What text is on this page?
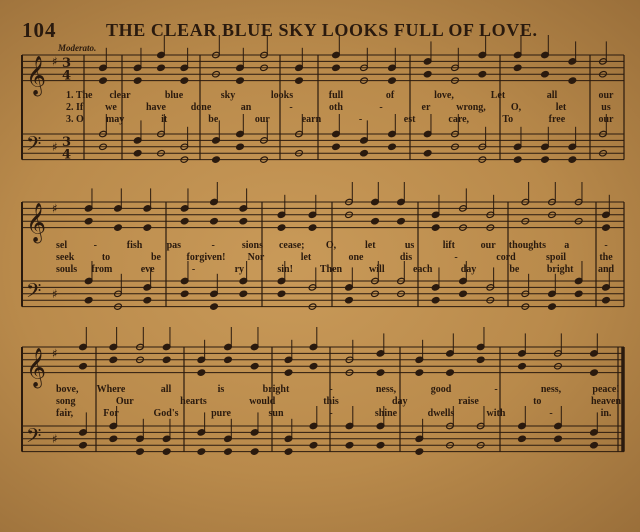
104	THE CLEAR BLUE SKY LOOKS FULL OF LOVE.
Moderato.
𝄞
𝄢
♯
♯
3
3
4
4
𝄞
𝄢
♯
♯
𝄞
𝄢
♯
♯
1. The clear	blue	sky	looks	full	of	love,	Let	all	our
2. If we	have done	an	-	oth	-	er	wrong,	O,	let	us
3. O may	it	be	our	earn	-	est	care,	To	free	our
sel	-	fish pas	-	sions cease; O,	let	us	lift	our thoughts a	-
seek	to	be	forgiven! Nor	let	one	dis	-	cord	spoil	the
souls from	eve	-	ry	sin!	Then	will	each	day	be	bright and
bove, Where	all	is	bright	-	ness,	good	-	ness,	peace!
song	Our	hearts	would	this	day	raise	to	heaven
fair,	For	God's	pure	sun	-	shine	dwells	with	-	in.
